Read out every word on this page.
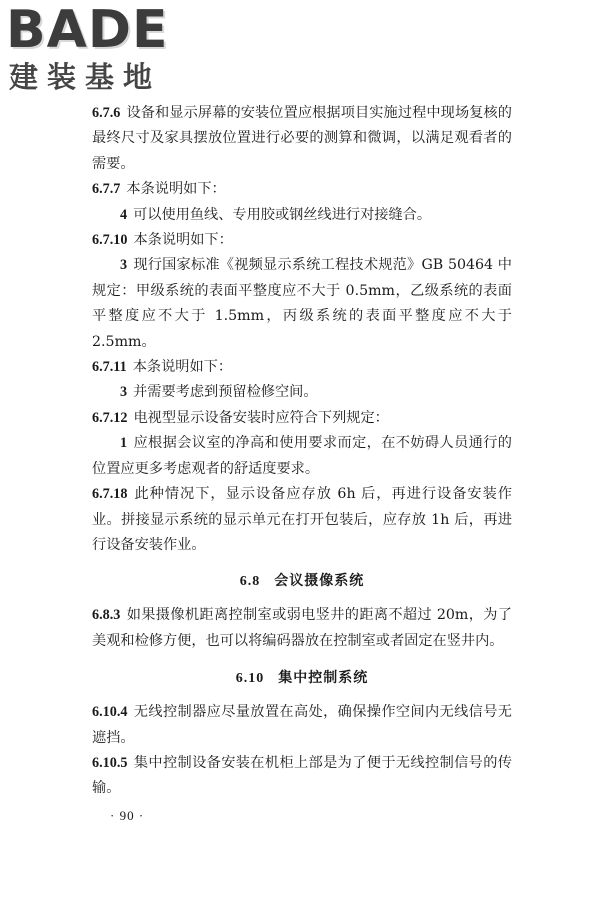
BADE
建装基地

6.7.6 设备和显示屏幕的安装位置应根据项目实施过程中现场复核的最终尺寸及家具摆放位置进行必要的测算和微调，以满足观看者的需要。

6.7.7 本条说明如下：

4 可以使用鱼线、专用胶或钢丝线进行对接缝合。

6.7.10 本条说明如下：

3 现行国家标准《视频显示系统工程技术规范》GB 50464 中规定：甲级系统的表面平整度应不大于 0.5mm，乙级系统的表面平整度应不大于 1.5mm，丙级系统的表面平整度应不大于 2.5mm。

6.7.11 本条说明如下：

3 并需要考虑到预留检修空间。

6.7.12 电视型显示设备安装时应符合下列规定：

1 应根据会议室的净高和使用要求而定，在不妨碍人员通行的位置应更多考虑观者的舒适度要求。

6.7.18 此种情况下，显示设备应存放 6h 后，再进行设备安装作业。拼接显示系统的显示单元在打开包装后，应存放 1h 后，再进行设备安装作业。

6.8 会议摄像系统

6.8.3 如果摄像机距离控制室或弱电竖井的距离不超过 20m，为了美观和检修方便，也可以将编码器放在控制室或者固定在竖井内。

6.10 集中控制系统

6.10.4 无线控制器应尽量放置在高处，确保操作空间内无线信号无遮挡。

6.10.5 集中控制设备安装在机柜上部是为了便于无线控制信号的传输。

· 90 ·
